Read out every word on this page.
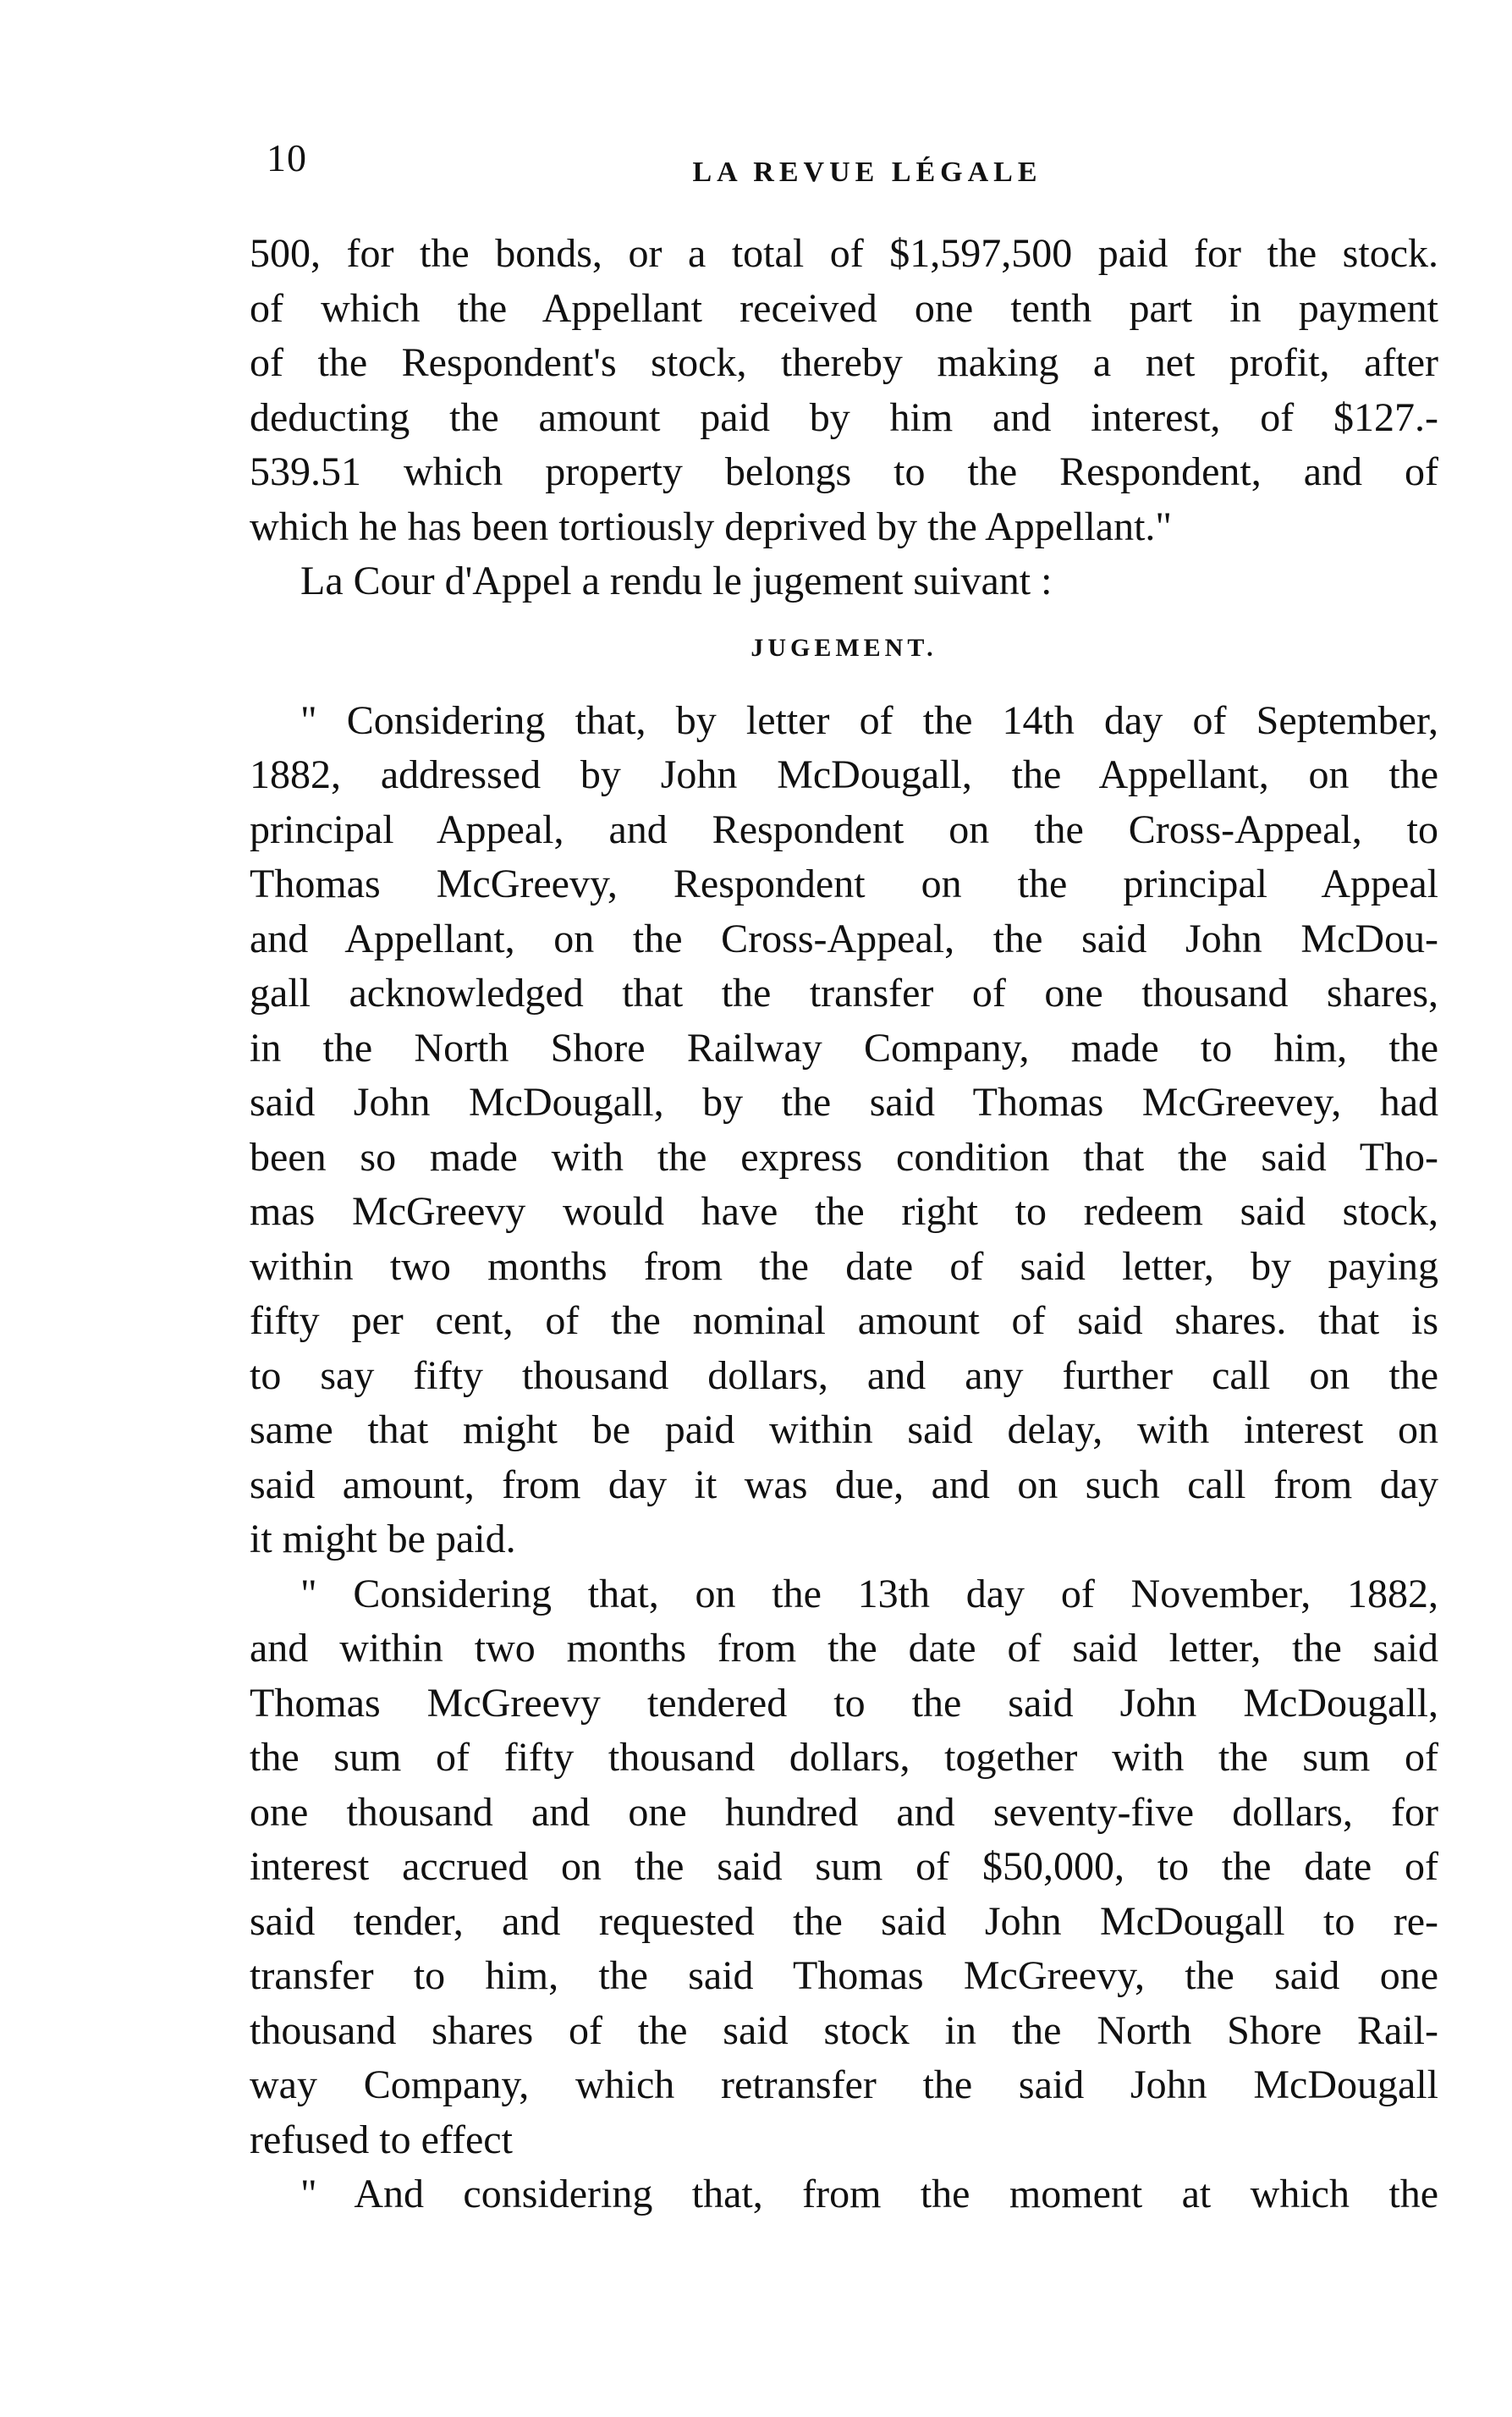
10	LA REVUE LÉGALE
500, for the bonds, or a total of $1,597,500 paid for the stock.
of which the Appellant received one tenth part in payment
of the Respondent's stock, thereby making a net profit, after
deducting the amount paid by him and interest, of $127.-
539.51 which property belongs to the Respondent, and of
which he has been tortiously deprived by the Appellant."
La Cour d'Appel a rendu le jugement suivant :
JUGEMENT.
" Considering that, by letter of the 14th day of September,
1882, addressed by John McDougall, the Appellant, on the
principal Appeal, and Respondent on the Cross-Appeal, to
Thomas McGreevy, Respondent on the principal Appeal
and Appellant, on the Cross-Appeal, the said John McDou-
gall acknowledged that the transfer of one thousand shares,
in the North Shore Railway Company, made to him, the
said John McDougall, by the said Thomas McGreevey, had
been so made with the express condition that the said Tho-
mas McGreevy would have the right to redeem said stock,
within two months from the date of said letter, by paying
fifty per cent, of the nominal amount of said shares. that is
to say fifty thousand dollars, and any further call on the
same that might be paid within said delay, with interest on
said amount, from day it was due, and on such call from day
it might be paid.
" Considering that, on the 13th day of November, 1882,
and within two months from the date of said letter, the said
Thomas McGreevy tendered to the said John McDougall,
the sum of fifty thousand dollars, together with the sum of
one thousand and one hundred and seventy-five dollars, for
interest accrued on the said sum of $50,000, to the date of
said tender, and requested the said John McDougall to re-
transfer to him, the said Thomas McGreevy, the said one
thousand shares of the said stock in the North Shore Rail-
way Company, which retransfer the said John McDougall
refused to effect
" And considering that, from the moment at which the
